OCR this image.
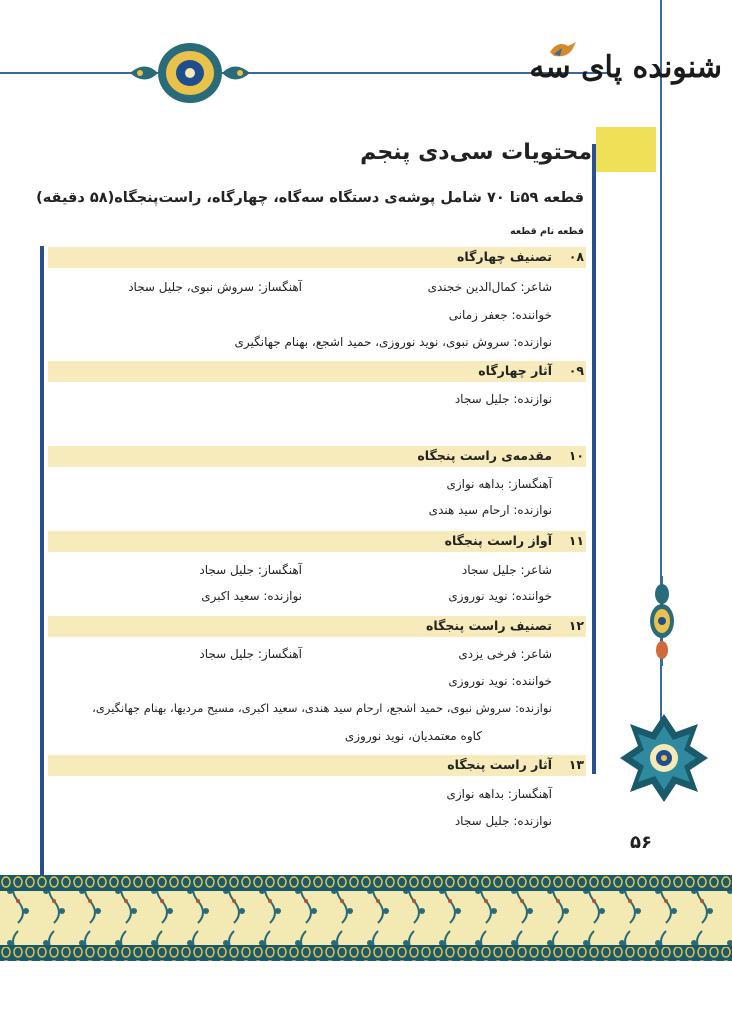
شنونده پای سه
محتویات سی‌دی پنجم
قطعه ۵۹تا ۷۰ شامل پوشه‌ی دستگاه سه‌گاه، چهارگاه، راست‌پنجگاه(۵۸ دقیقه)
قطعه نام قطعه
۰۸
تصنیف چهارگاه
شاعر: کمال‌الدین خجندی
آهنگساز: سروش نبوی، جلیل سجاد
خواننده: جعفر زمانی
نوازنده: سروش نبوی، نوید نوروزی، حمید اشجع، بهنام جهانگیری
۰۹
آثار چهارگاه
نوازنده: جلیل سجاد
۱۰
مقدمه‌ی راست پنجگاه
آهنگساز: بداهه نوازی
نوازنده: ارحام سید هندی
۱۱
آواز راست پنجگاه
شاعر: جلیل سجاد
آهنگساز: جلیل سجاد
خواننده: نوید نوروزی
نوازنده: سعید اکبری
۱۲
تصنیف راست پنجگاه
شاعر: فرخی یزدی
آهنگساز: جلیل سجاد
خواننده: نوید نوروزی
نوازنده: سروش نبوی، حمید اشجع، ارحام سید هندی، سعید اکبری، مسیح مردیها، بهنام جهانگیری،
کاوه معتمدیان، نوید نوروزی
۱۳
آثار راست پنجگاه
آهنگساز: بداهه نوازی
نوازنده: جلیل سجاد
۵۶
